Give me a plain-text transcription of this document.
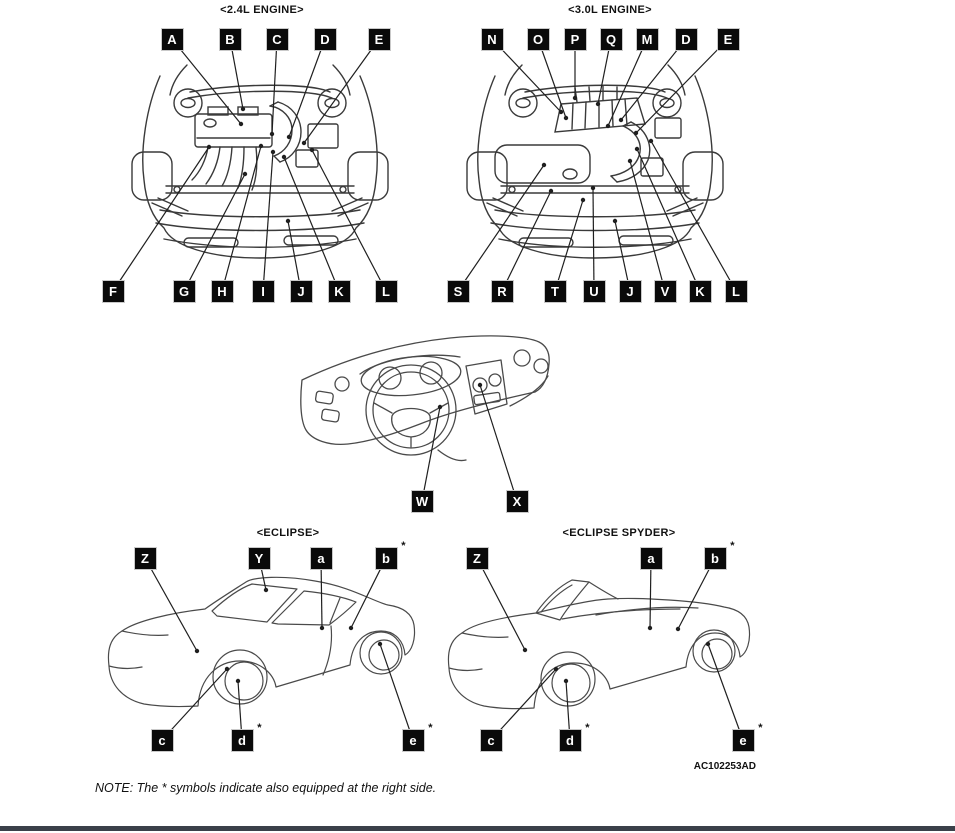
<2.4L ENGINE>	<3.0L ENGINE>
<ECLIPSE>	<ECLIPSE SPYDER>
AC102253AD
NOTE: The * symbols indicate also equipped at the right side.
A	B	C	D	E
F	G	H	I	J	K	L
N	O	P	Q	M	D	E
S	R	T	U	J	V	K	L
W	X
Z	Y	a	b
*
c	d
*
e
*
Z	a	b
*
c	d
*
e
*
